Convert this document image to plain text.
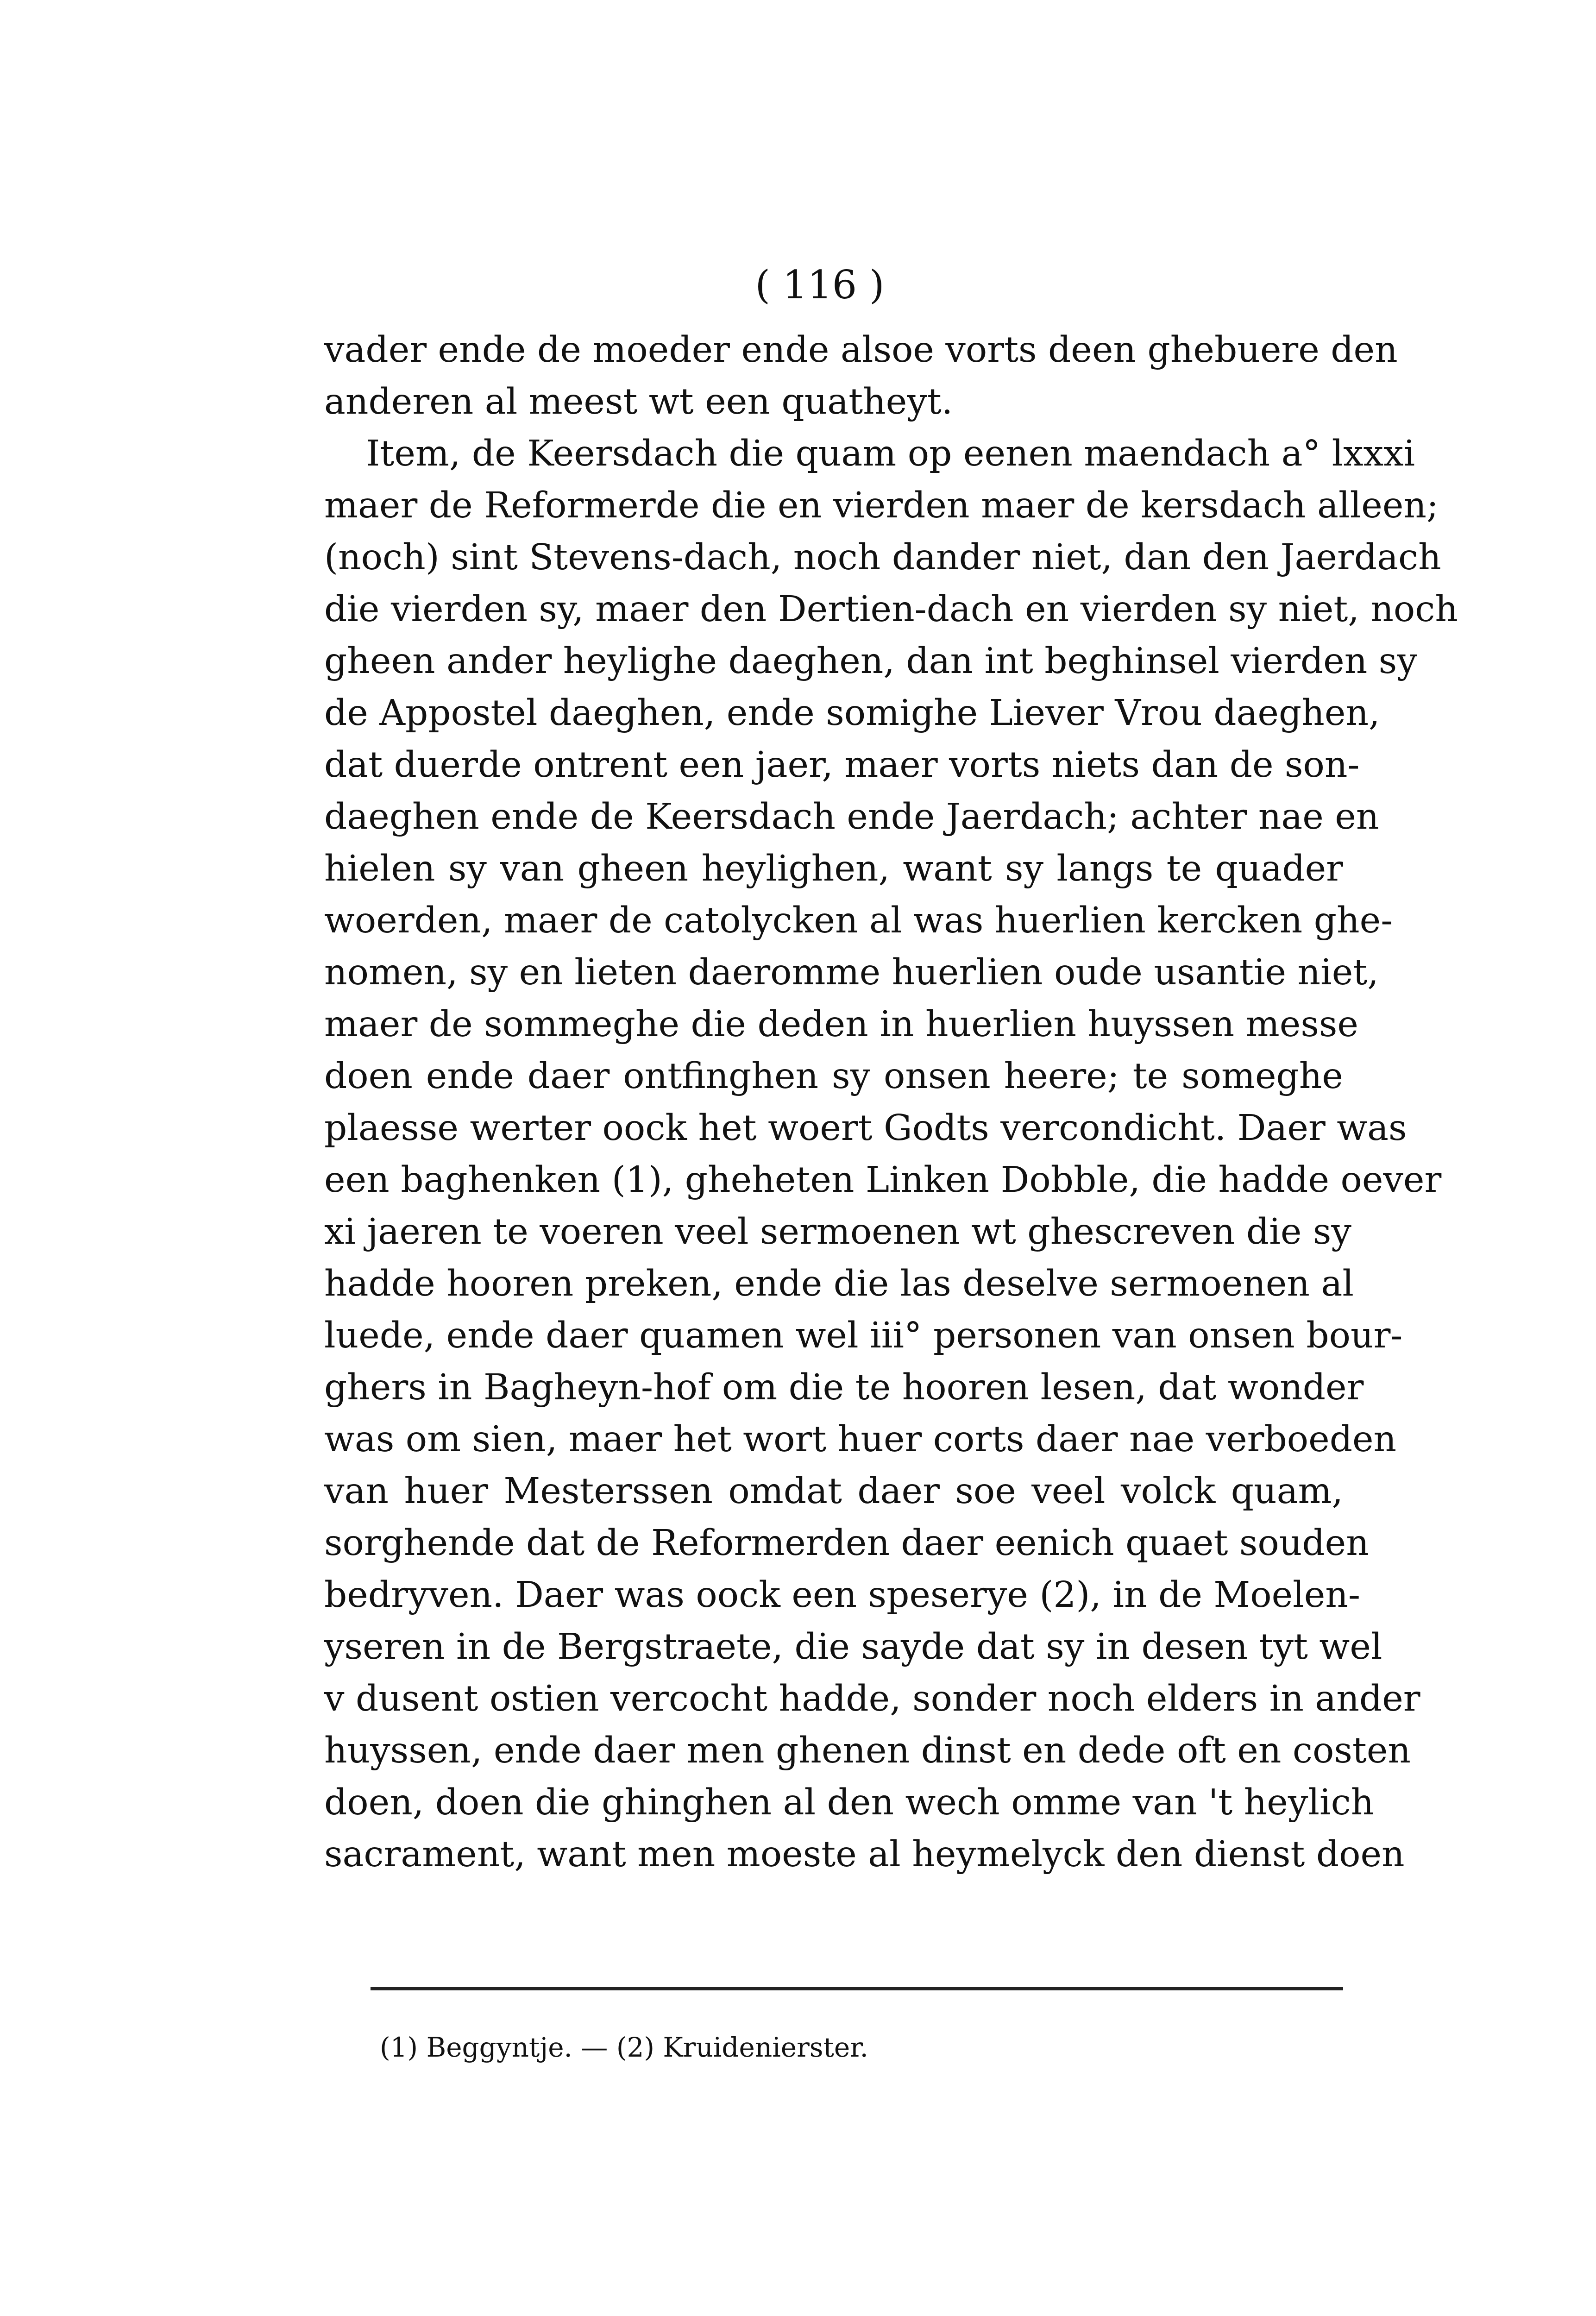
( 116 )
vader ende de moeder ende alsoe vorts deen ghebuere den
anderen al meest wt een quatheyt.
Item, de Keersdach die quam op eenen maendach a° lxxxi
maer de Reformerde die en vierden maer de kersdach alleen;
(noch) sint Stevens-dach, noch dander niet, dan den Jaerdach
die vierden sy, maer den Dertien-dach en vierden sy niet, noch
gheen ander heylighe daeghen, dan int beghinsel vierden sy
de Appostel daeghen, ende somighe Liever Vrou daeghen,
dat duerde ontrent een jaer, maer vorts niets dan de son-
daeghen ende de Keersdach ende Jaerdach; achter nae en
hielen sy van gheen heylighen, want sy langs te quader
woerden, maer de catolycken al was huerlien kercken ghe-
nomen, sy en lieten daeromme huerlien oude usantie niet,
maer de sommeghe die deden in huerlien huyssen messe
doen ende daer ontfinghen sy onsen heere; te someghe
plaesse werter oock het woert Godts vercondicht. Daer was
een baghenken (1), gheheten Linken Dobble, die hadde oever
xi jaeren te voeren veel sermoenen wt ghescreven die sy
hadde hooren preken, ende die las deselve sermoenen al
luede, ende daer quamen wel iii° personen van onsen bour-
ghers in Bagheyn-hof om die te hooren lesen, dat wonder
was om sien, maer het wort huer corts daer nae verboeden
van huer Mesterssen omdat daer soe veel volck quam,
sorghende dat de Reformerden daer eenich quaet souden
bedryven. Daer was oock een speserye (2), in de Moelen-
yseren in de Bergstraete, die sayde dat sy in desen tyt wel
v dusent ostien vercocht hadde, sonder noch elders in ander
huyssen, ende daer men ghenen dinst en dede oft en costen
doen, doen die ghinghen al den wech omme van 't heylich
sacrament, want men moeste al heymelyck den dienst doen
(1) Beggyntje. — (2) Kruidenierster.
